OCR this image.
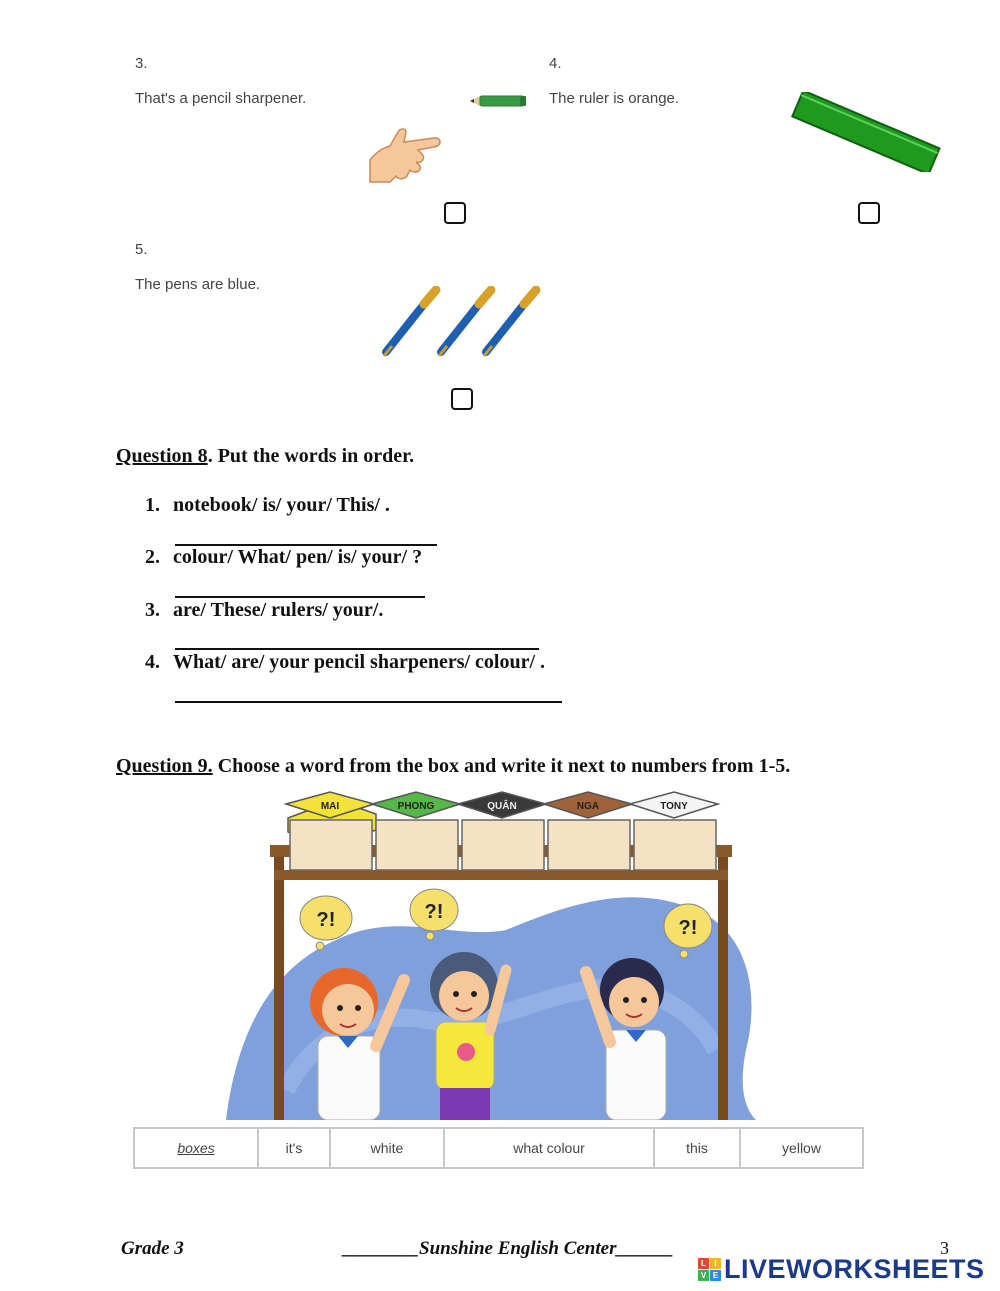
3.
That's a pencil sharpener.
4.
The ruler is orange.
5.
The pens are blue.
Question 8. Put the words in order.
1. notebook/ is/ your/ This/ .
2. colour/ What/ pen/ is/ your/ ?
3. are/ These/ rulers/ your/.
4. What/ are/ your pencil sharpeners/ colour/ .
Question 9. Choose a word from the box and write it next to numbers from 1-5.
MAI	PHONG	QUÂN	NGA	TONY
?!	?!
?!
boxes	it's	white	what colour	this	yellow
Grade 3	________Sunshine English Center______	3
L	I
V E LIVEWORKSHEETS
